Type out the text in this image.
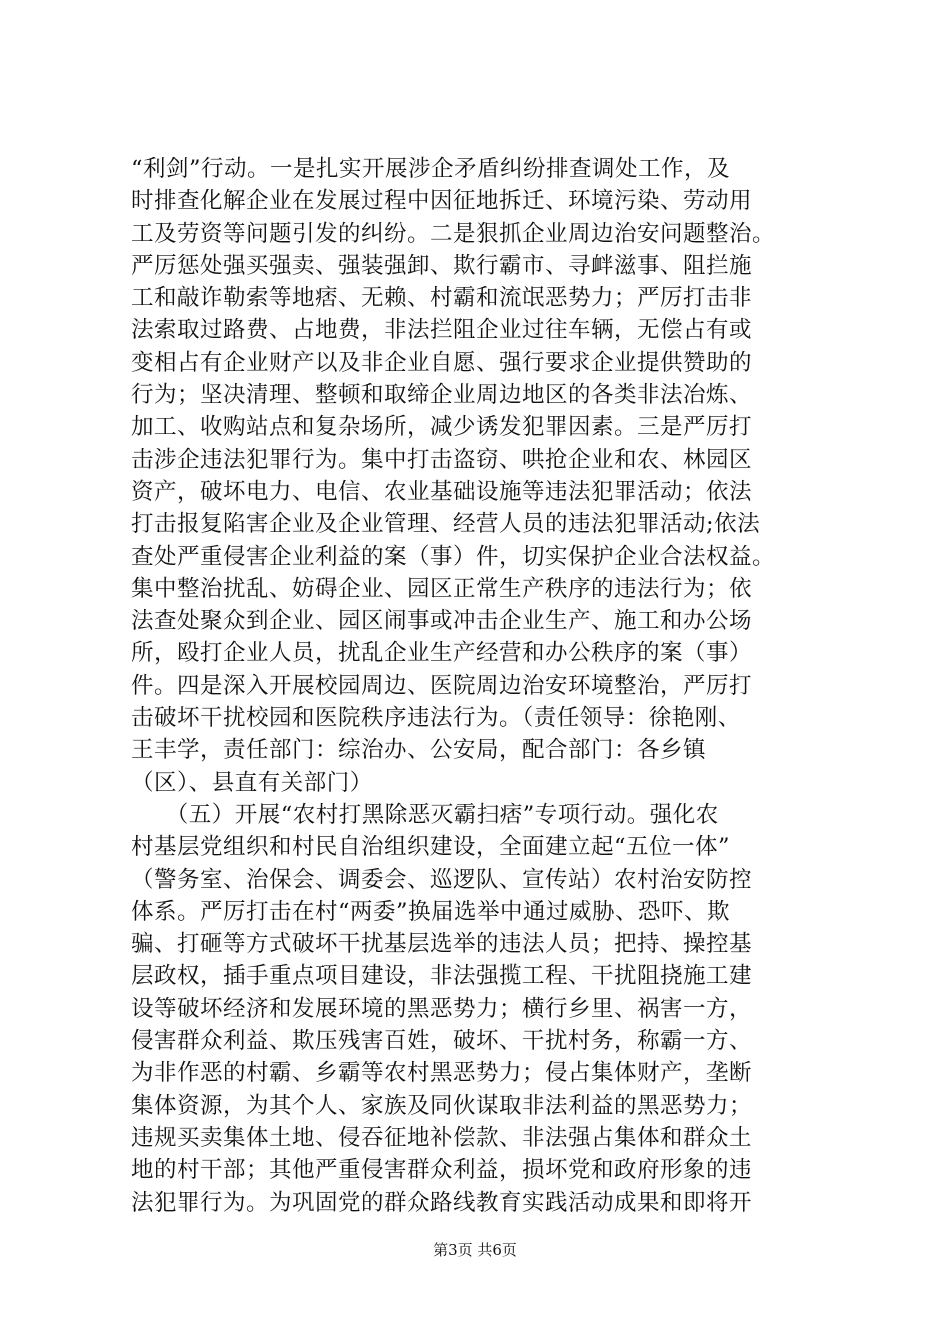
“利剑”行动。一是扎实开展涉企矛盾纠纷排查调处工作，及
时排查化解企业在发展过程中因征地拆迁、环境污染、劳动用
工及劳资等问题引发的纠纷。二是狠抓企业周边治安问题整治。
严厉惩处强买强卖、强装强卸、欺行霸市、寻衅滋事、阻拦施
工和敲诈勒索等地痞、无赖、村霸和流氓恶势力；严厉打击非
法索取过路费、占地费，非法拦阻企业过往车辆，无偿占有或
变相占有企业财产以及非企业自愿、强行要求企业提供赞助的
行为；坚决清理、整顿和取缔企业周边地区的各类非法冶炼、
加工、收购站点和复杂场所，减少诱发犯罪因素。三是严厉打
击涉企违法犯罪行为。集中打击盗窃、哄抢企业和农、林园区
资产，破坏电力、电信、农业基础设施等违法犯罪活动；依法
打击报复陷害企业及企业管理、经营人员的违法犯罪活动;依法
查处严重侵害企业利益的案（事）件，切实保护企业合法权益。
集中整治扰乱、妨碍企业、园区正常生产秩序的违法行为；依
法查处聚众到企业、园区闹事或冲击企业生产、施工和办公场
所，殴打企业人员，扰乱企业生产经营和办公秩序的案（事）
件。四是深入开展校园周边、医院周边治安环境整治，严厉打
击破坏干扰校园和医院秩序违法行为。（责任领导：徐艳刚、
王丰学，责任部门：综治办、公安局，配合部门：各乡镇
（区）、县直有关部门）
　　（五）开展“农村打黑除恶灭霸扫痞”专项行动。强化农
村基层党组织和村民自治组织建设，全面建立起“五位一体”
（警务室、治保会、调委会、巡逻队、宣传站）农村治安防控
体系。严厉打击在村“两委”换届选举中通过威胁、恐吓、欺
骗、打砸等方式破坏干扰基层选举的违法人员；把持、操控基
层政权，插手重点项目建设，非法强揽工程、干扰阻挠施工建
设等破坏经济和发展环境的黑恶势力；横行乡里、祸害一方，
侵害群众利益、欺压残害百姓，破坏、干扰村务，称霸一方、
为非作恶的村霸、乡霸等农村黑恶势力；侵占集体财产，垄断
集体资源，为其个人、家族及同伙谋取非法利益的黑恶势力；
违规买卖集体土地、侵吞征地补偿款、非法强占集体和群众土
地的村干部；其他严重侵害群众利益，损坏党和政府形象的违
法犯罪行为。为巩固党的群众路线教育实践活动成果和即将开
第3页 共6页
